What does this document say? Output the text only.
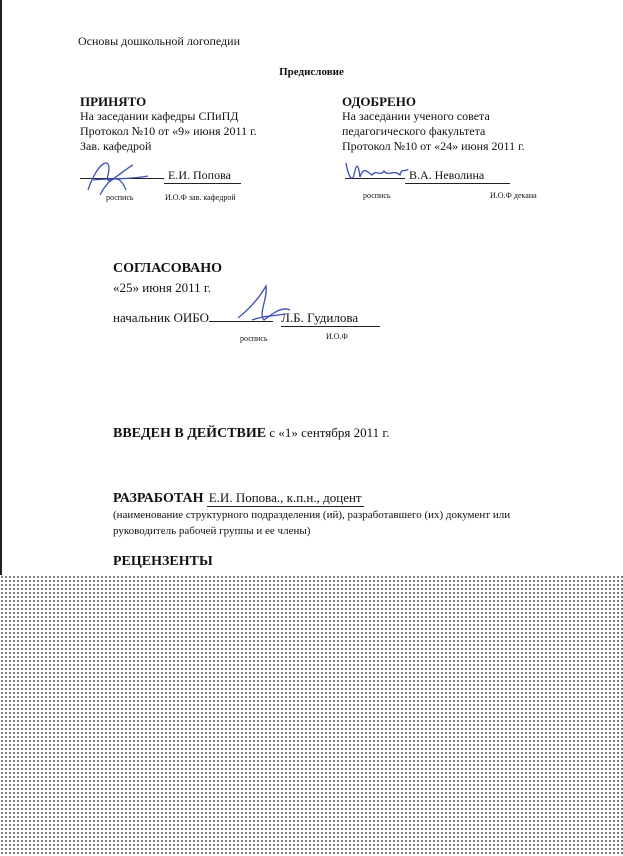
Основы дошкольной логопедии
Предисловие
ПРИНЯТО
На заседании кафедры СПиПД
Протокол №10 от «9» июня 2011 г.
Зав. кафедрой
Е.И. Попова
роспись	И.О.Ф зав. кафедрой
ОДОБРЕНО
На заседании ученого совета
педагогического факультета
Протокол №10 от «24» июня 2011 г.
В.А. Неволина
роспись	И.О.Ф декана
СОГЛАСОВАНО
«25» июня 2011 г.
начальник ОИБО	Л.Б. Гудилова
роспись	И.О.Ф
ВВЕДЕН В ДЕЙСТВИЕ с «1» сентября 2011 г.
РАЗРАБОТАН Е.И. Попова., к.п.н., доцент
(наименование структурного подразделения (ий), разработавшего (их) документ или
руководитель рабочей группы и ее члены)
РЕЦЕНЗЕНТЫ
